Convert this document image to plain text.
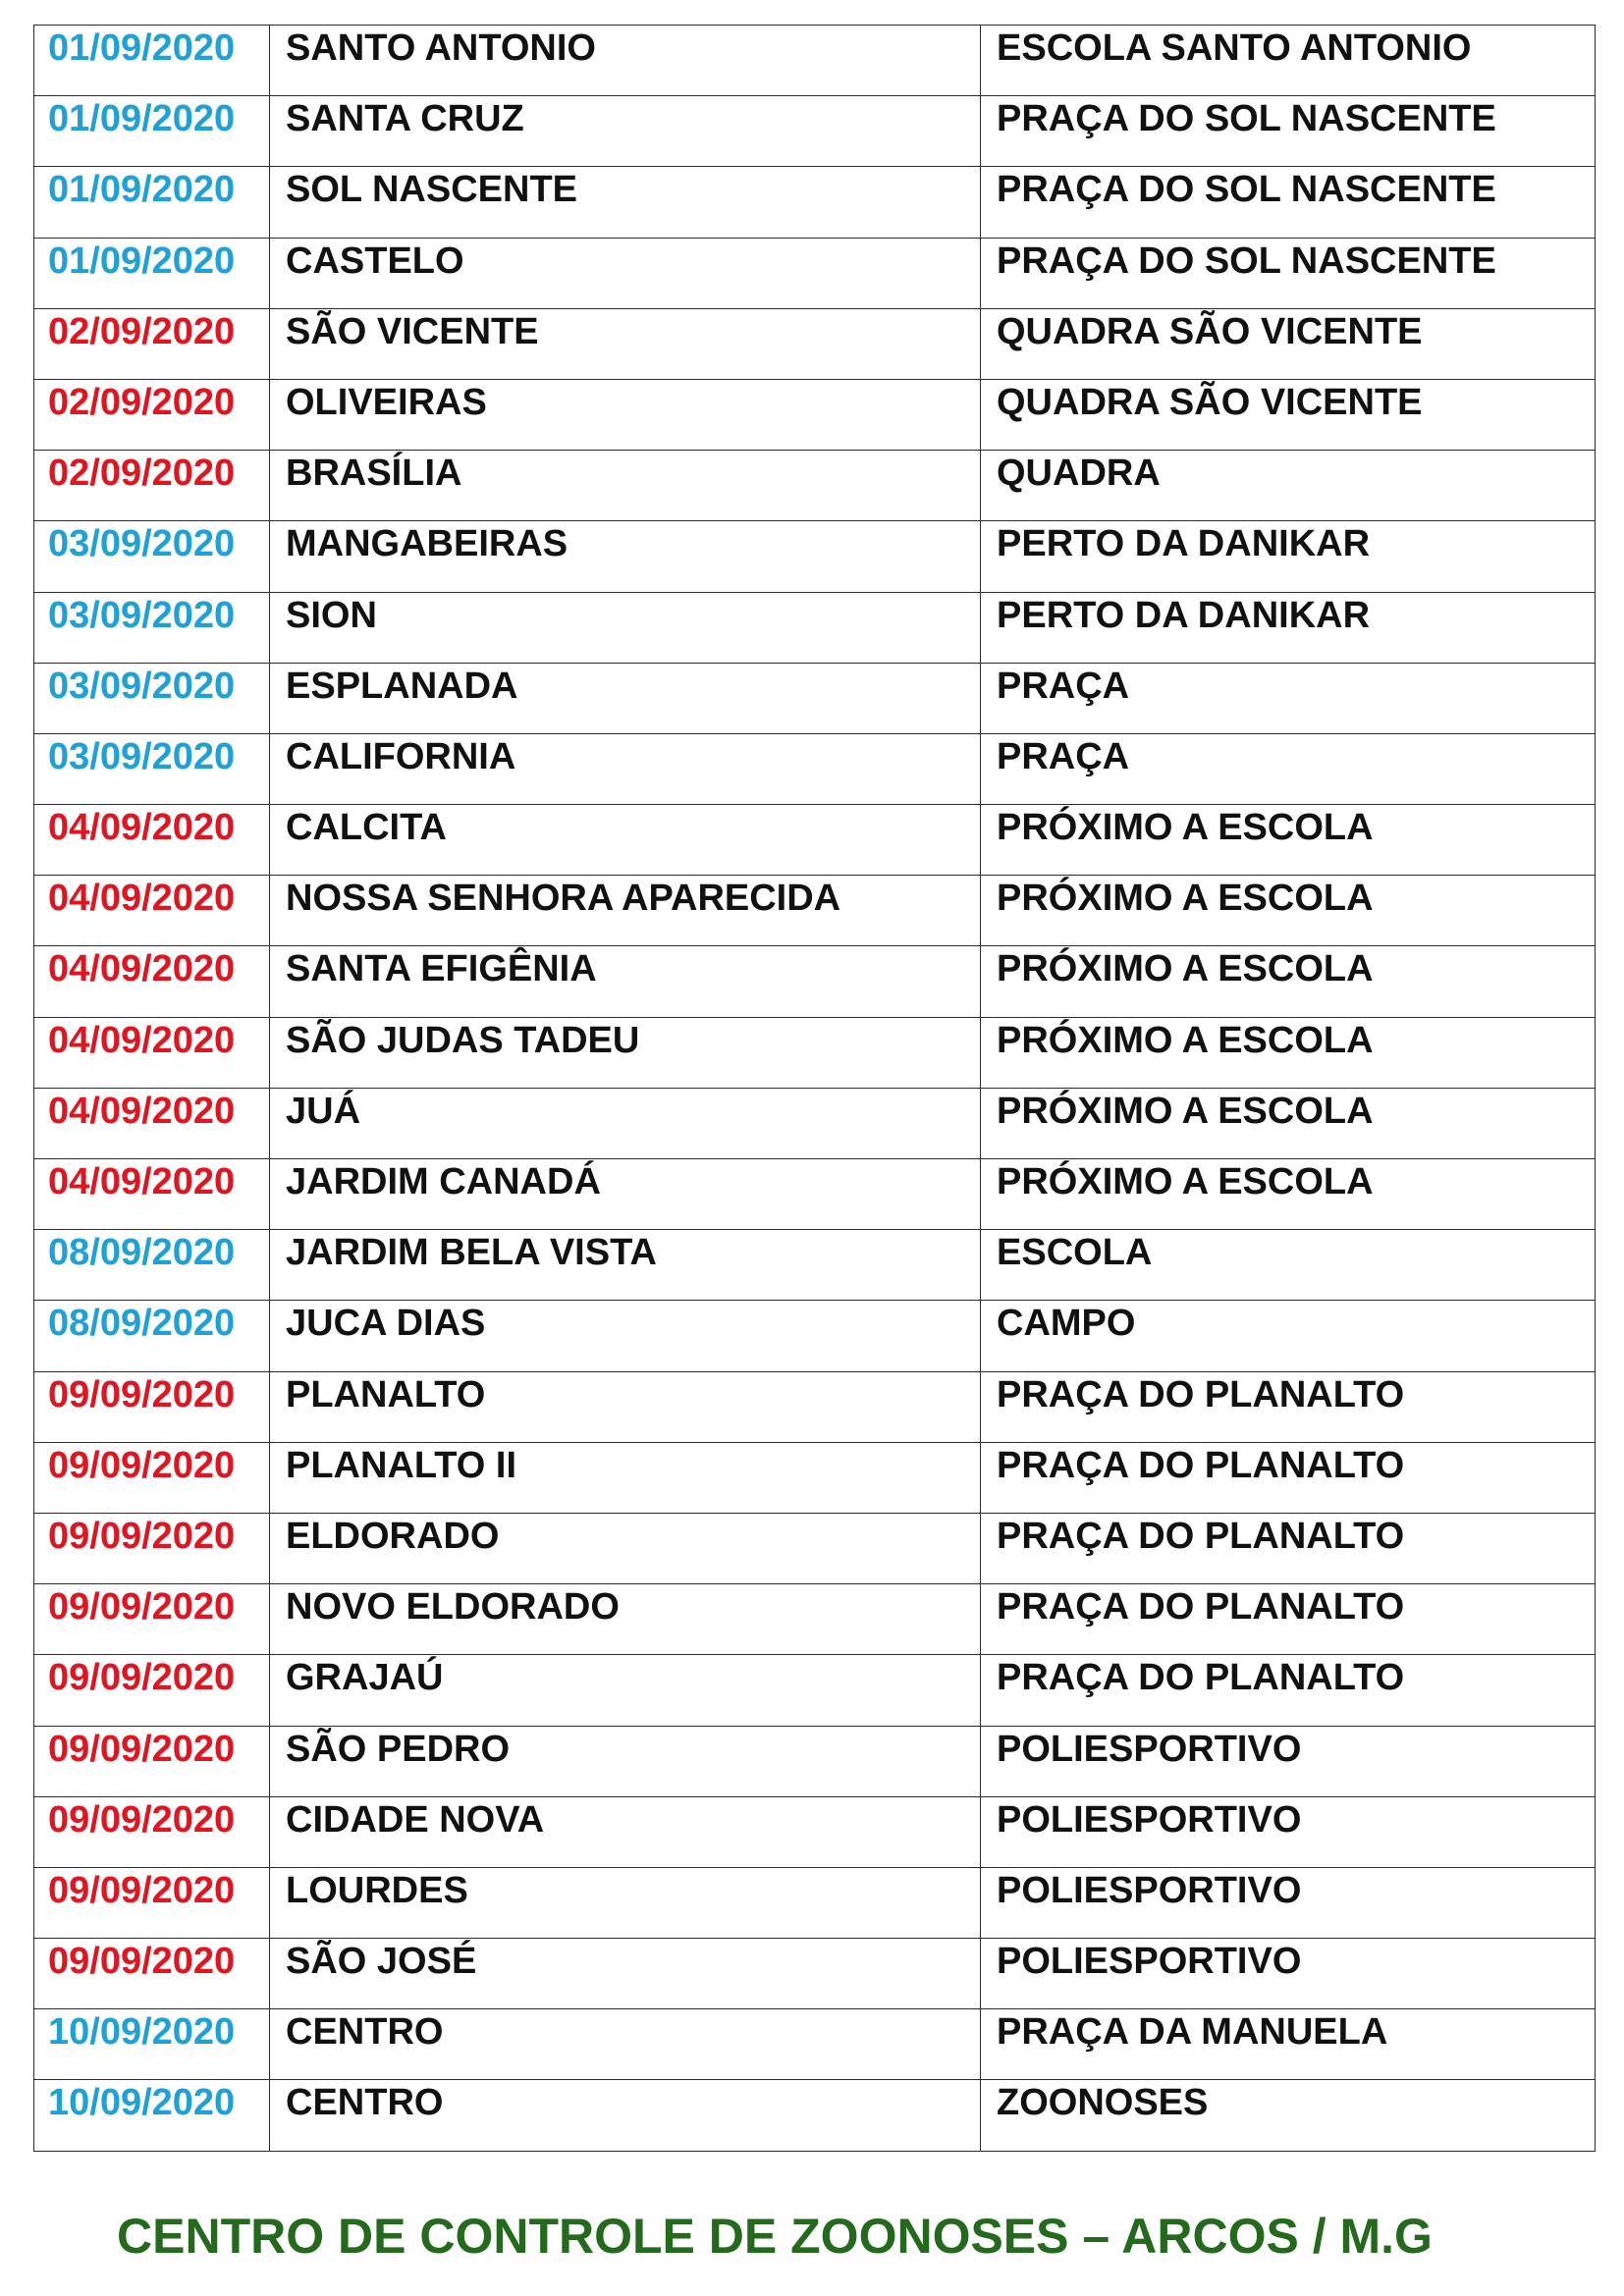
01/09/2020	SANTO ANTONIO	ESCOLA SANTO ANTONIO
01/09/2020	SANTA CRUZ	PRAÇA DO SOL NASCENTE
01/09/2020	SOL NASCENTE	PRAÇA DO SOL NASCENTE
01/09/2020	CASTELO	PRAÇA DO SOL NASCENTE
02/09/2020	SÃO VICENTE	QUADRA SÃO VICENTE
02/09/2020	OLIVEIRAS	QUADRA SÃO VICENTE
02/09/2020	BRASÍLIA	QUADRA
03/09/2020	MANGABEIRAS	PERTO DA DANIKAR
03/09/2020	SION	PERTO DA DANIKAR
03/09/2020	ESPLANADA	PRAÇA
03/09/2020	CALIFORNIA	PRAÇA
04/09/2020	CALCITA	PRÓXIMO A ESCOLA
04/09/2020	NOSSA SENHORA APARECIDA	PRÓXIMO A ESCOLA
04/09/2020	SANTA EFIGÊNIA	PRÓXIMO A ESCOLA
04/09/2020	SÃO JUDAS TADEU	PRÓXIMO A ESCOLA
04/09/2020	JUÁ	PRÓXIMO A ESCOLA
04/09/2020	JARDIM CANADÁ	PRÓXIMO A ESCOLA
08/09/2020	JARDIM BELA VISTA	ESCOLA
08/09/2020	JUCA DIAS	CAMPO
09/09/2020	PLANALTO	PRAÇA DO PLANALTO
09/09/2020	PLANALTO II	PRAÇA DO PLANALTO
09/09/2020	ELDORADO	PRAÇA DO PLANALTO
09/09/2020	NOVO ELDORADO	PRAÇA DO PLANALTO
09/09/2020	GRAJAÚ	PRAÇA DO PLANALTO
09/09/2020	SÃO PEDRO	POLIESPORTIVO
09/09/2020	CIDADE NOVA	POLIESPORTIVO
09/09/2020	LOURDES	POLIESPORTIVO
09/09/2020	SÃO JOSÉ	POLIESPORTIVO
10/09/2020	CENTRO	PRAÇA DA MANUELA
10/09/2020	CENTRO	ZOONOSES

CENTRO DE CONTROLE DE ZOONOSES – ARCOS / M.G
